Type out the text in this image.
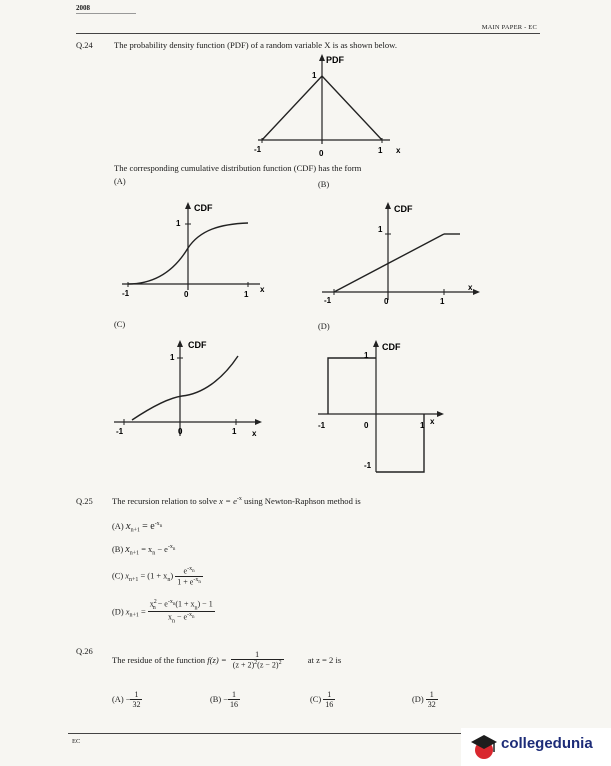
2008
MAIN PAPER - EC
Q.24 The probability density function (PDF) of a random variable X is as shown below.
PDF
1
-1	0	1 x
The corresponding cumulative distribution function (CDF) has the form
(A)	(B)
CDF
1
-1	0	1
x
CDF
1
-1	0	1
x
(C)	(D)
CDF
1
-1	0	1 x
CDF
1
-1	0	1
-1
x
Q.25 The recursion relation to solve $x = e^{-x}$ using Newton-Raphson method is
(A) $x_{n+1} = e^{-x_n}$
(B) $x_{n+1} = x_n - e^{-x_n}$
(C) $x_{n+1} = (1 + x_n) \frac{e^{-x_n}}{1 + e^{-x_n}}$
(D) $x_{n+1} = \frac{x^2_n - e^{-x_n}(1 + x_n) - 1}{x_n - e^{-x_n}}$
Q.26
The residue of the function $f(z) = \frac{1}{(z + 2)^2(z - 2)^2}$	at z = 2 is
$(A) - \frac{1}{32}$	$(B) - \frac{1}{16}$	$(C) \frac{1}{16}$	$(D) \frac{1}{32}$
EC	collegedunia
